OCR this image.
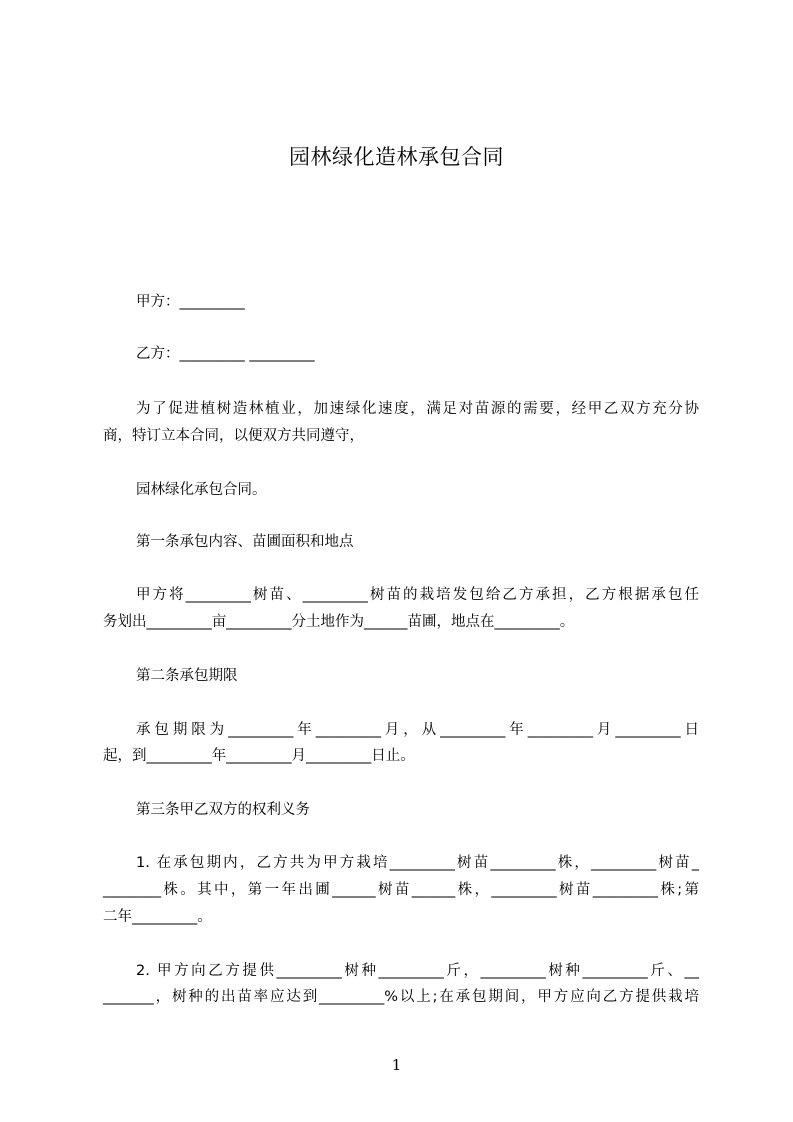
园林绿化造林承包合同
甲方：_________
乙方：_________ _________
为了促进植树造林植业，加速绿化速度，满足对苗源的需要，经甲乙双方充分协
商，特订立本合同，以便双方共同遵守，
园林绿化承包合同。
第一条承包内容、苗圃面积和地点
甲方将_________树苗、_________树苗的栽培发包给乙方承担，乙方根据承包任
务划出_________亩_________分土地作为______苗圃，地点在_________。
第二条承包期限
承包期限为_________年_________月，从_________年_________月_________日
起，到_________年_________月_________日止。
第三条甲乙双方的权利义务
1. 在承包期内，乙方共为甲方栽培_________树苗_________株，_________树苗_
________株。其中，第一年出圃______树苗______株，_________树苗_________株;第
二年_________。
2. 甲方向乙方提供_________树种_________斤，_________树种_________斤、__
_______，树种的出苗率应达到_________%以上;在承包期间，甲方应向乙方提供栽培
1
